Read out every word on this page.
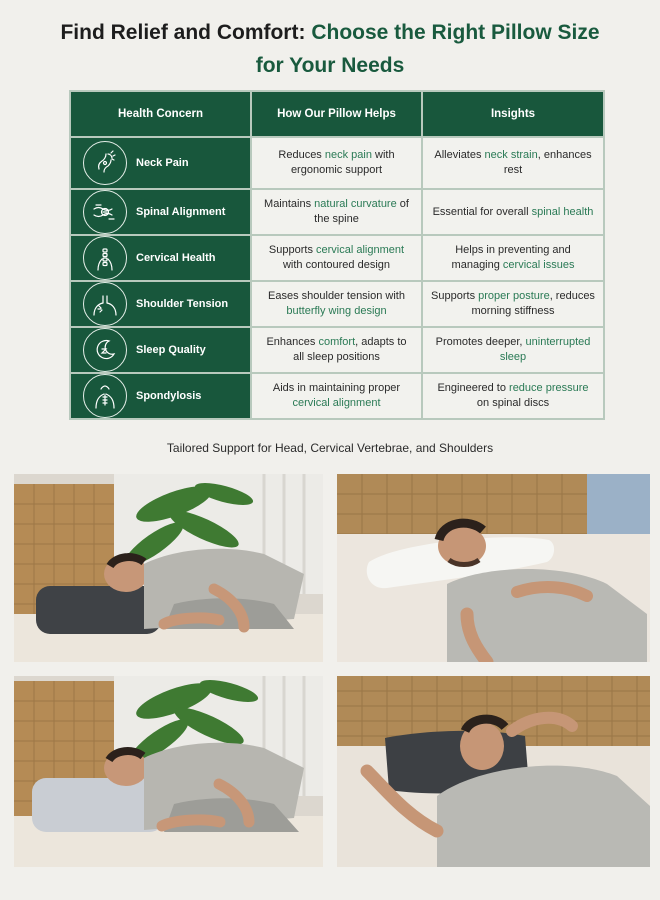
Find Relief and Comfort: Choose the Right Pillow Size
for Your Needs
Health Concern	How Our Pillow Helps	Insights

Neck Pain	Reduces neck pain with ergonomic support	Alleviates neck strain, enhances rest

Spinal Alignment	Maintains natural curvature of the spine	Essential for overall spinal health

Cervical Health	Supports cervical alignment with contoured design	Helps in preventing and managing cervical issues

Shoulder Tension	Eases shoulder tension with butterfly wing design	Supports proper posture, reduces morning stiffness

Sleep Quality	Enhances comfort, adapts to all sleep positions	Promotes deeper, uninterrupted sleep

Spondylosis	Aids in maintaining proper cervical alignment	Engineered to reduce pressure on spinal discs
Tailored Support for Head, Cervical Vertebrae, and Shoulders
